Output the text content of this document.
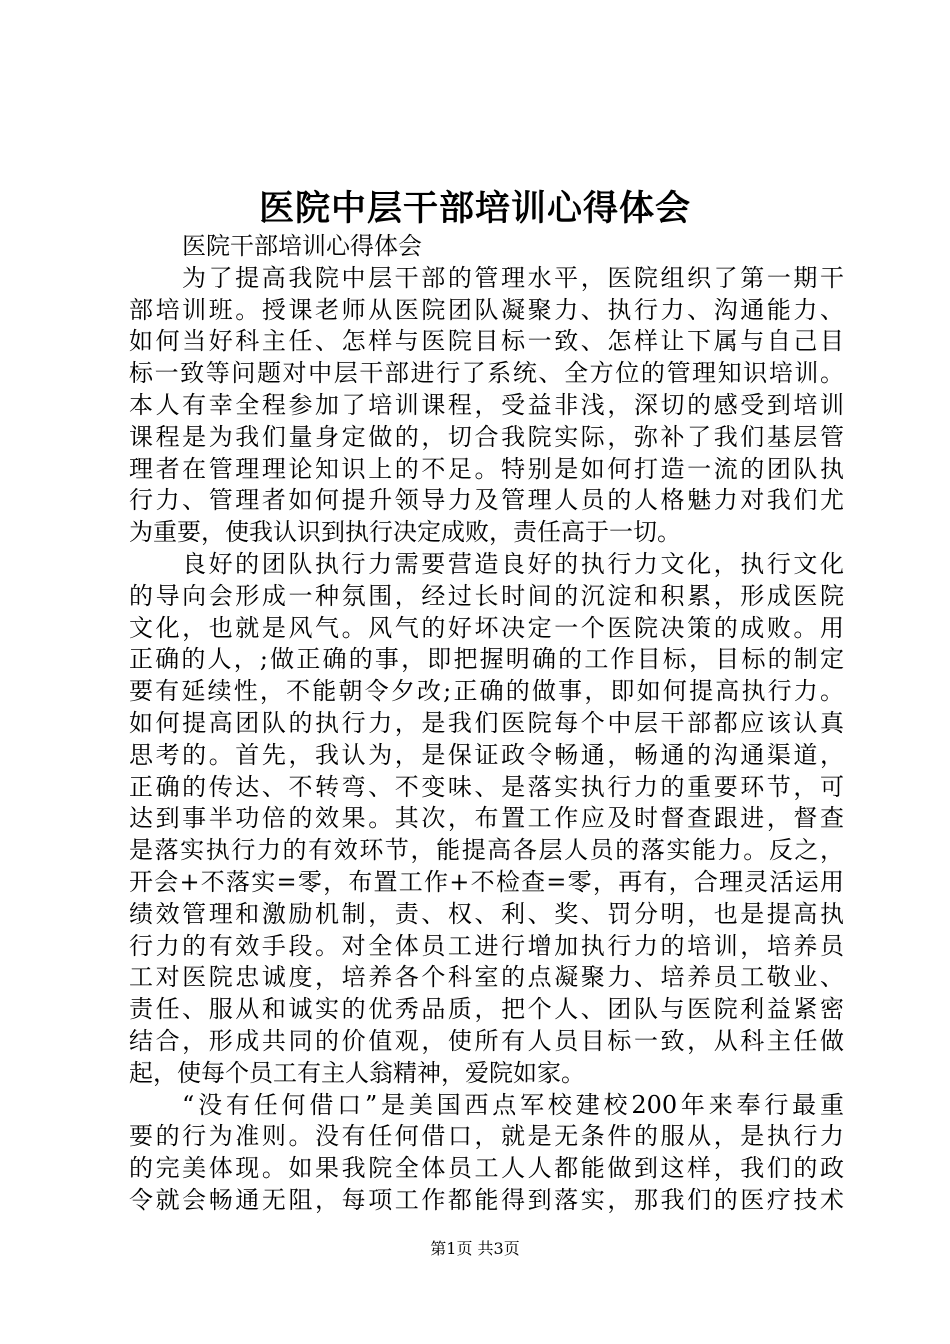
医院中层干部培训心得体会
医院干部培训心得体会
为了提高我院中层干部的管理水平，医院组织了第一期干
部培训班。授课老师从医院团队凝聚力、执行力、沟通能力、
如何当好科主任、怎样与医院目标一致、怎样让下属与自己目
标一致等问题对中层干部进行了系统、全方位的管理知识培训。
本人有幸全程参加了培训课程，受益非浅，深切的感受到培训
课程是为我们量身定做的，切合我院实际，弥补了我们基层管
理者在管理理论知识上的不足。特别是如何打造一流的团队执
行力、管理者如何提升领导力及管理人员的人格魅力对我们尤
为重要，使我认识到执行决定成败，责任高于一切。
良好的团队执行力需要营造良好的执行力文化，执行文化
的导向会形成一种氛围，经过长时间的沉淀和积累，形成医院
文化，也就是风气。风气的好坏决定一个医院决策的成败。用
正确的人，;做正确的事，即把握明确的工作目标，目标的制定
要有延续性，不能朝令夕改;正确的做事，即如何提高执行力。
如何提高团队的执行力，是我们医院每个中层干部都应该认真
思考的。首先，我认为，是保证政令畅通，畅通的沟通渠道，
正确的传达、不转弯、不变味、是落实执行力的重要环节，可
达到事半功倍的效果。其次，布置工作应及时督查跟进，督查
是落实执行力的有效环节，能提高各层人员的落实能力。反之，
开会+不落实=零，布置工作+不检查=零，再有，合理灵活运用
绩效管理和激励机制，责、权、利、奖、罚分明，也是提高执
行力的有效手段。对全体员工进行增加执行力的培训，培养员
工对医院忠诚度，培养各个科室的点凝聚力、培养员工敬业、
责任、服从和诚实的优秀品质，把个人、团队与医院利益紧密
结合，形成共同的价值观，使所有人员目标一致，从科主任做
起，使每个员工有主人翁精神，爱院如家。
“没有任何借口”是美国西点军校建校200年来奉行最重
要的行为准则。没有任何借口，就是无条件的服从，是执行力
的完美体现。如果我院全体员工人人都能做到这样，我们的政
令就会畅通无阻，每项工作都能得到落实，那我们的医疗技术
第1页 共3页
